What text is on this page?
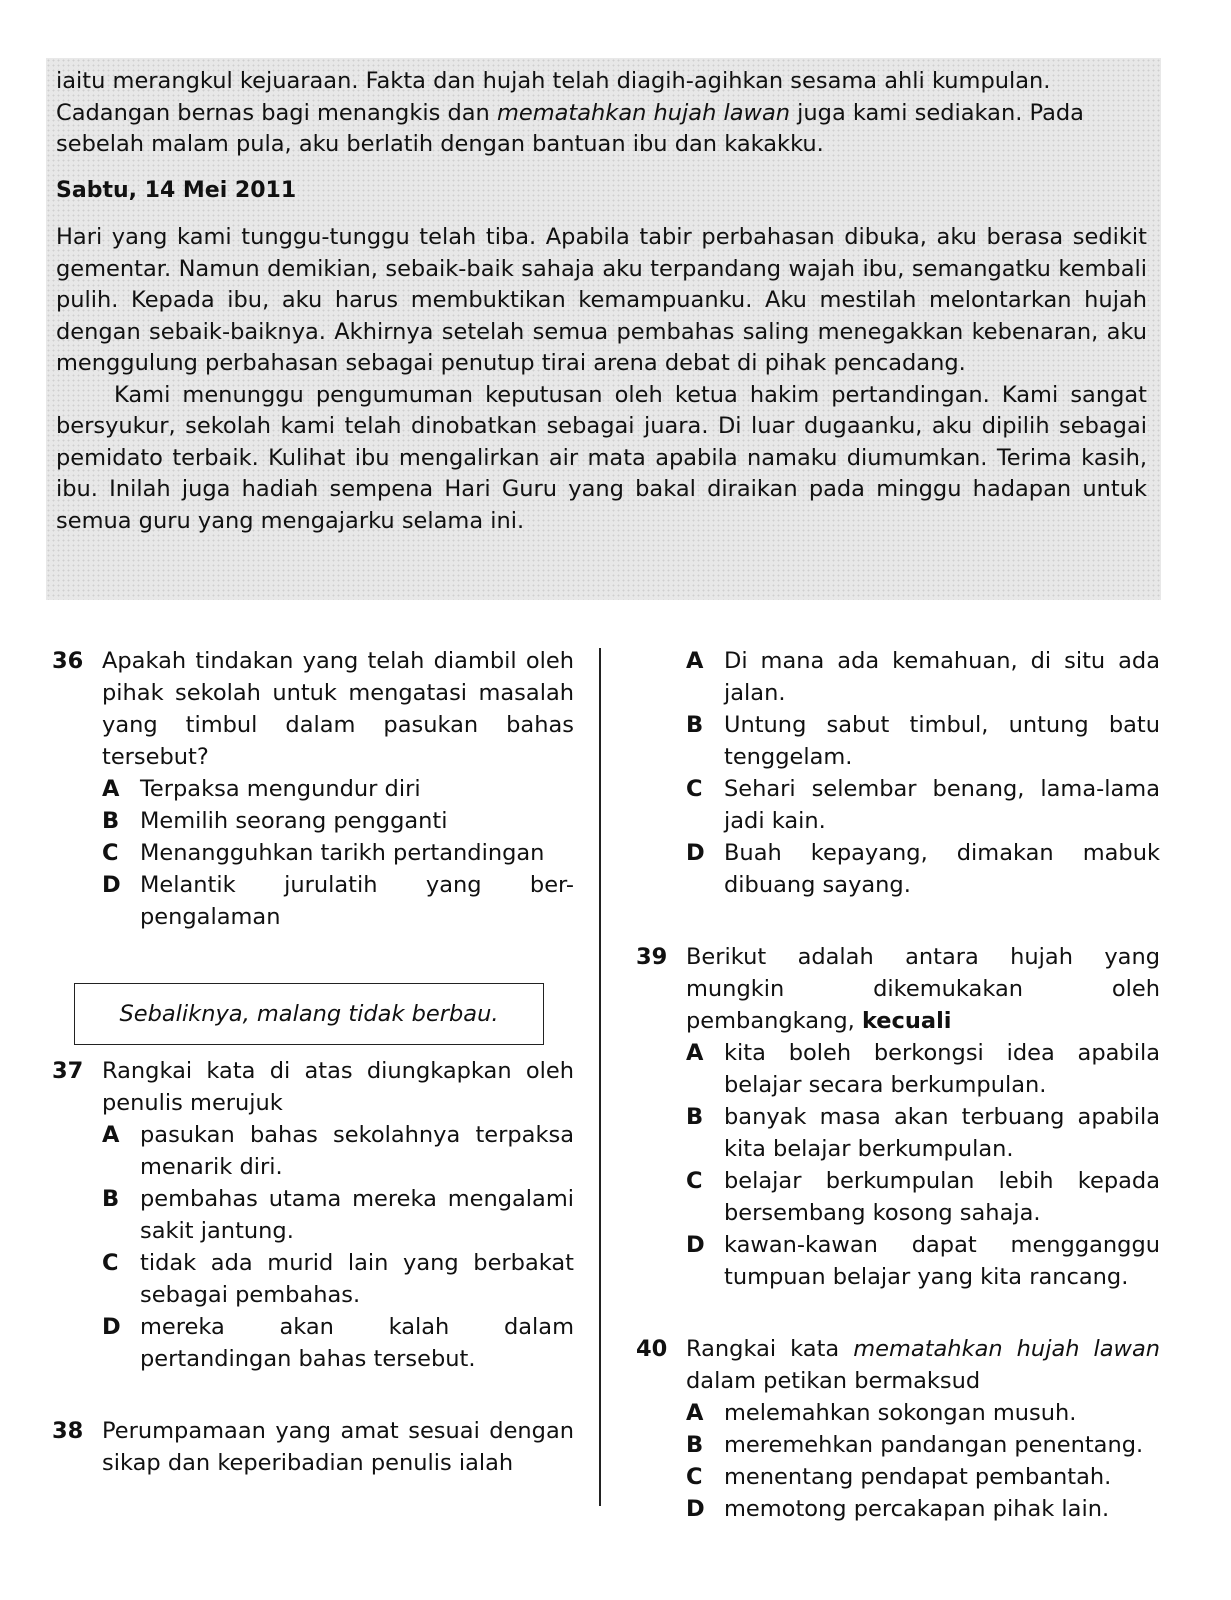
iaitu merangkul kejuaraan. Fakta dan hujah telah diagih-agihkan sesama ahli kumpulan. Cadangan bernas bagi menangkis dan mematahkan hujah lawan juga kami sediakan. Pada sebelah malam pula, aku berlatih dengan bantuan ibu dan kakakku.

Sabtu, 14 Mei 2011

Hari yang kami tunggu-tunggu telah tiba. Apabila tabir perbahasan dibuka, aku berasa sedikit gementar. Namun demikian, sebaik-baik sahaja aku terpandang wajah ibu, semangatku kembali pulih. Kepada ibu, aku harus membuktikan kemampuanku. Aku mestilah melontarkan hujah dengan sebaik-baiknya. Akhirnya setelah semua pembahas saling menegakkan kebenaran, aku menggulung perbahasan sebagai penutup tirai arena debat di pihak pencadang.

Kami menunggu pengumuman keputusan oleh ketua hakim pertandingan. Kami sangat bersyukur, sekolah kami telah dinobatkan sebagai juara. Di luar dugaanku, aku dipilih sebagai pemidato terbaik. Kulihat ibu mengalirkan air mata apabila namaku diumumkan. Terima kasih, ibu. Inilah juga hadiah sempena Hari Guru yang bakal diraikan pada minggu hadapan untuk semua guru yang mengajarku selama ini.

36 Apakah tindakan yang telah diambil oleh pihak sekolah untuk mengatasi masalah yang timbul dalam pasukan bahas tersebut?
A Terpaksa mengundur diri
B Memilih seorang pengganti
C Menangguhkan tarikh pertandingan
D Melantik jurulatih yang ber-pengalaman
Sebaliknya, malang tidak berbau.
37 Rangkai kata di atas diungkapkan oleh penulis merujuk
A pasukan bahas sekolahnya terpaksa menarik diri.
B pembahas utama mereka mengalami sakit jantung.
C tidak ada murid lain yang berbakat sebagai pembahas.
D mereka akan kalah dalam pertandingan bahas tersebut.
38 Perumpamaan yang amat sesuai dengan sikap dan keperibadian penulis ialah
A Di mana ada kemahuan, di situ ada jalan.
B Untung sabut timbul, untung batu tenggelam.
C Sehari selembar benang, lama-lama jadi kain.
D Buah kepayang, dimakan mabuk dibuang sayang.
39 Berikut adalah antara hujah yang mungkin dikemukakan oleh pembangkang, kecuali
A kita boleh berkongsi idea apabila belajar secara berkumpulan.
B banyak masa akan terbuang apabila kita belajar berkumpulan.
C belajar berkumpulan lebih kepada bersembang kosong sahaja.
D kawan-kawan dapat mengganggu tumpuan belajar yang kita rancang.
40 Rangkai kata mematahkan hujah lawan dalam petikan bermaksud
A melemahkan sokongan musuh.
B meremehkan pandangan penentang.
C menentang pendapat pembantah.
D memotong percakapan pihak lain.
